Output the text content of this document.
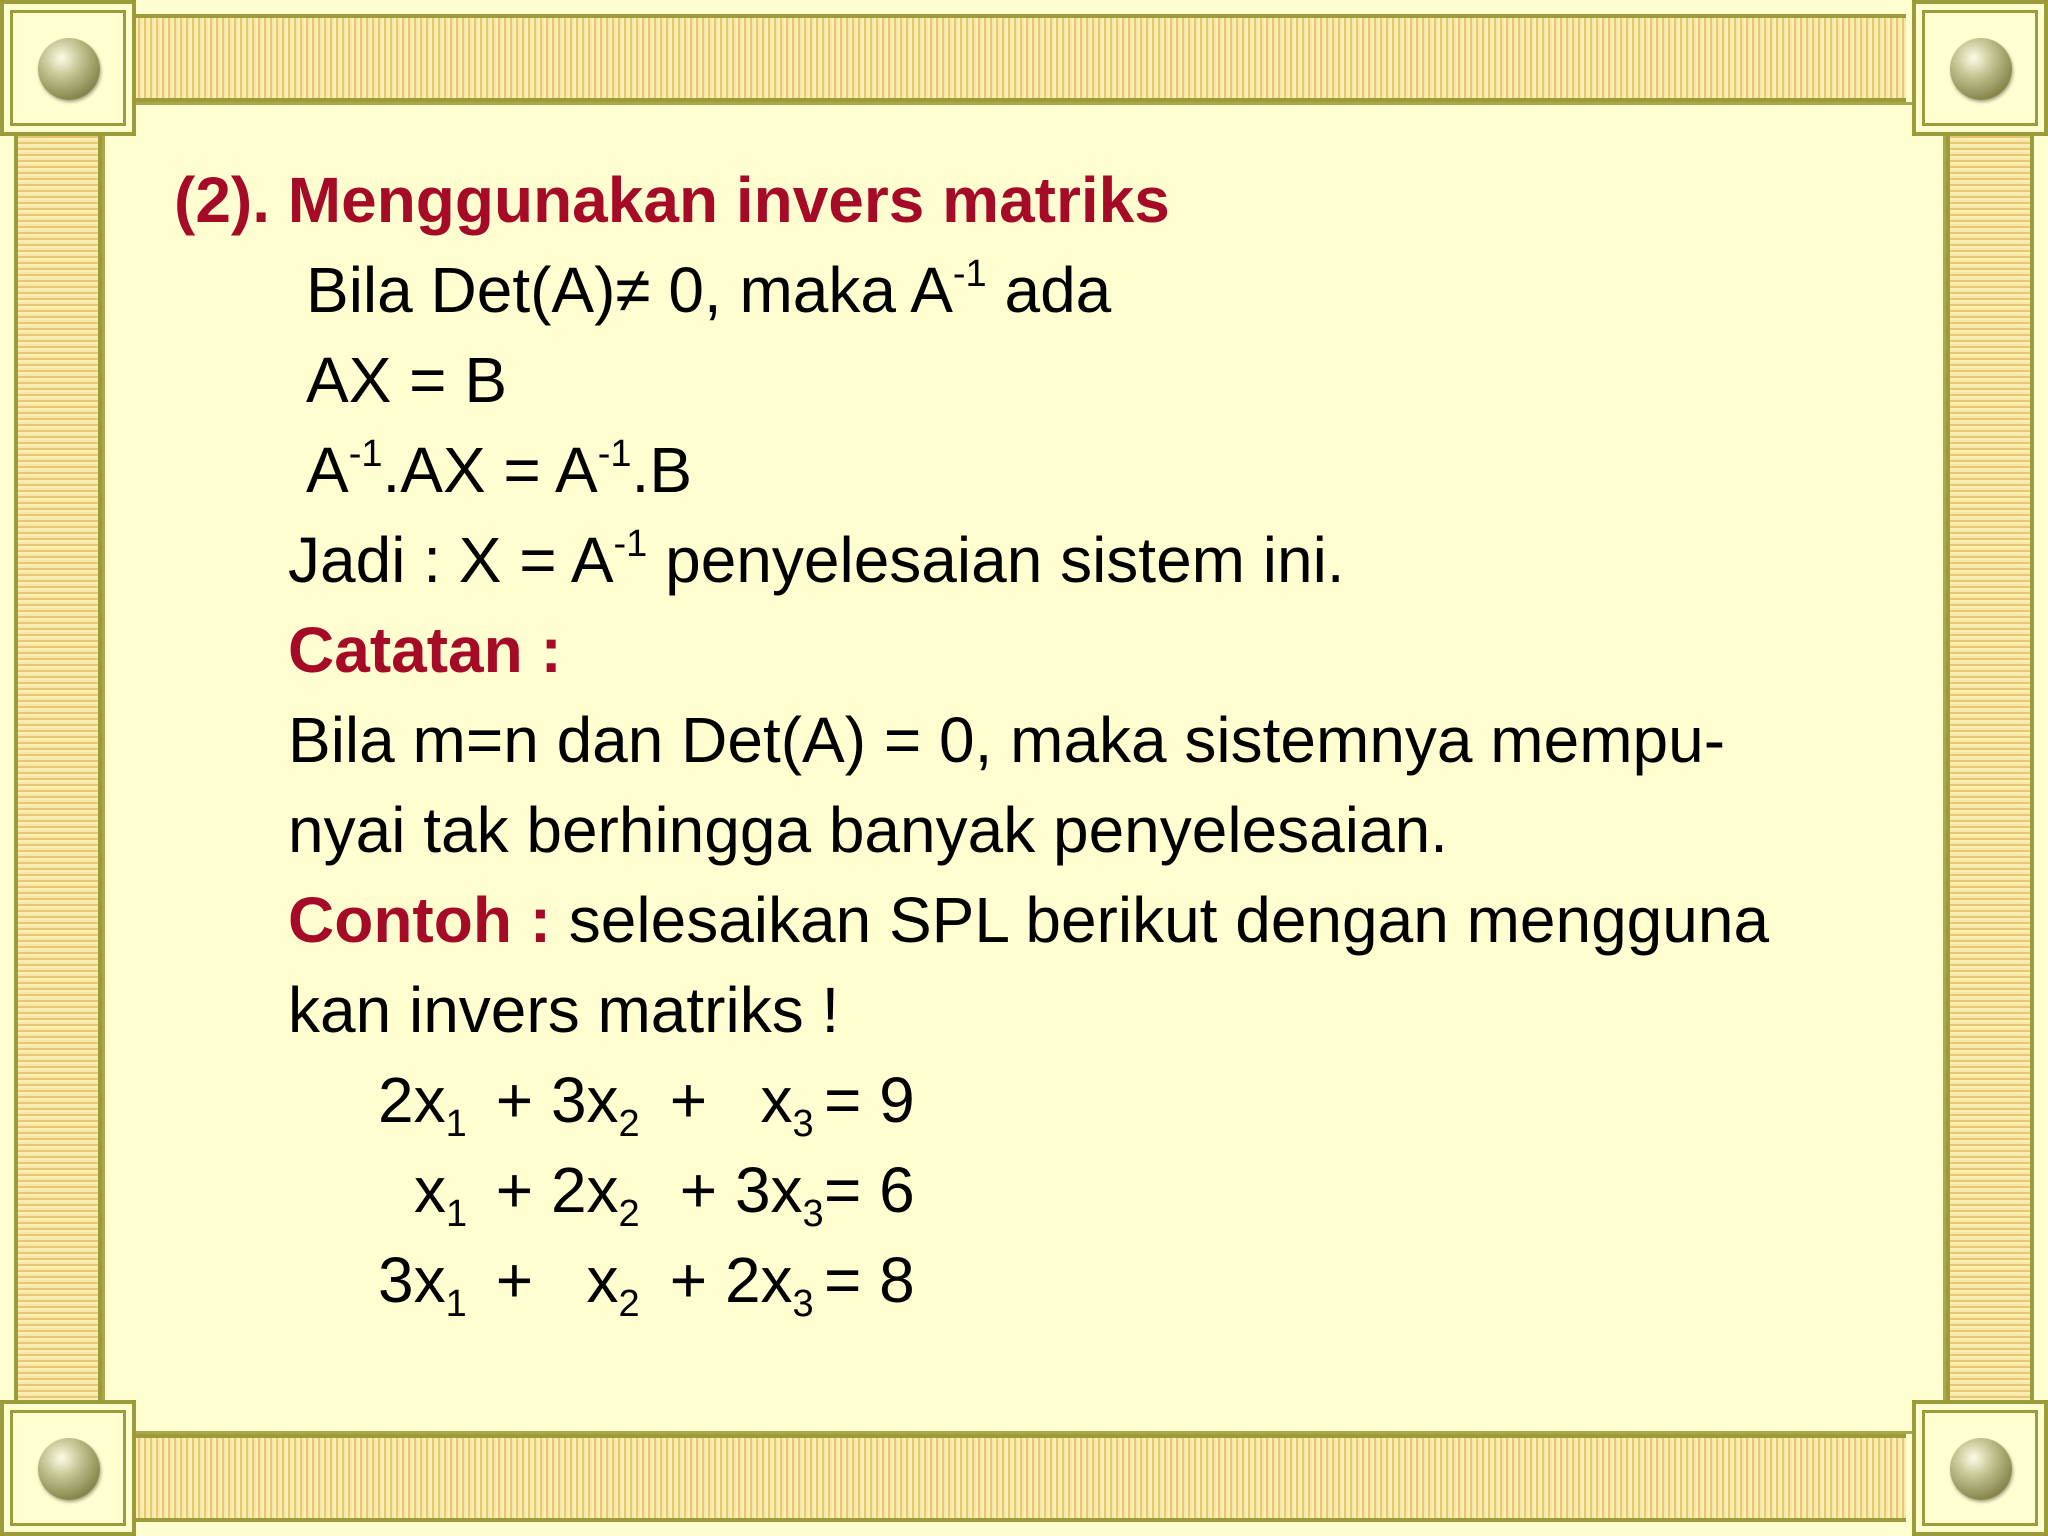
(2). Menggunakan invers matriks
Bila Det(A)≠ 0, maka $A^{-1}$ ada
AX = B
$A^{-1}.AX = A^{-1}.B$
Jadi : $X = A^{-1}$ penyelesaian sistem ini.
Catatan :
Bila m=n dan Det(A) = 0, maka sistemnya mempu-
nyai tak berhingga banyak penyelesaian.
Contoh : selesaikan SPL berikut dengan mengguna
kan invers matriks !
$2x_1 + 3x_2 + x_3 = 9$
$x_1 + 2x_2 + 3x_3 = 6$
$3x_1 + x_2 + 2x_3 = 8$
